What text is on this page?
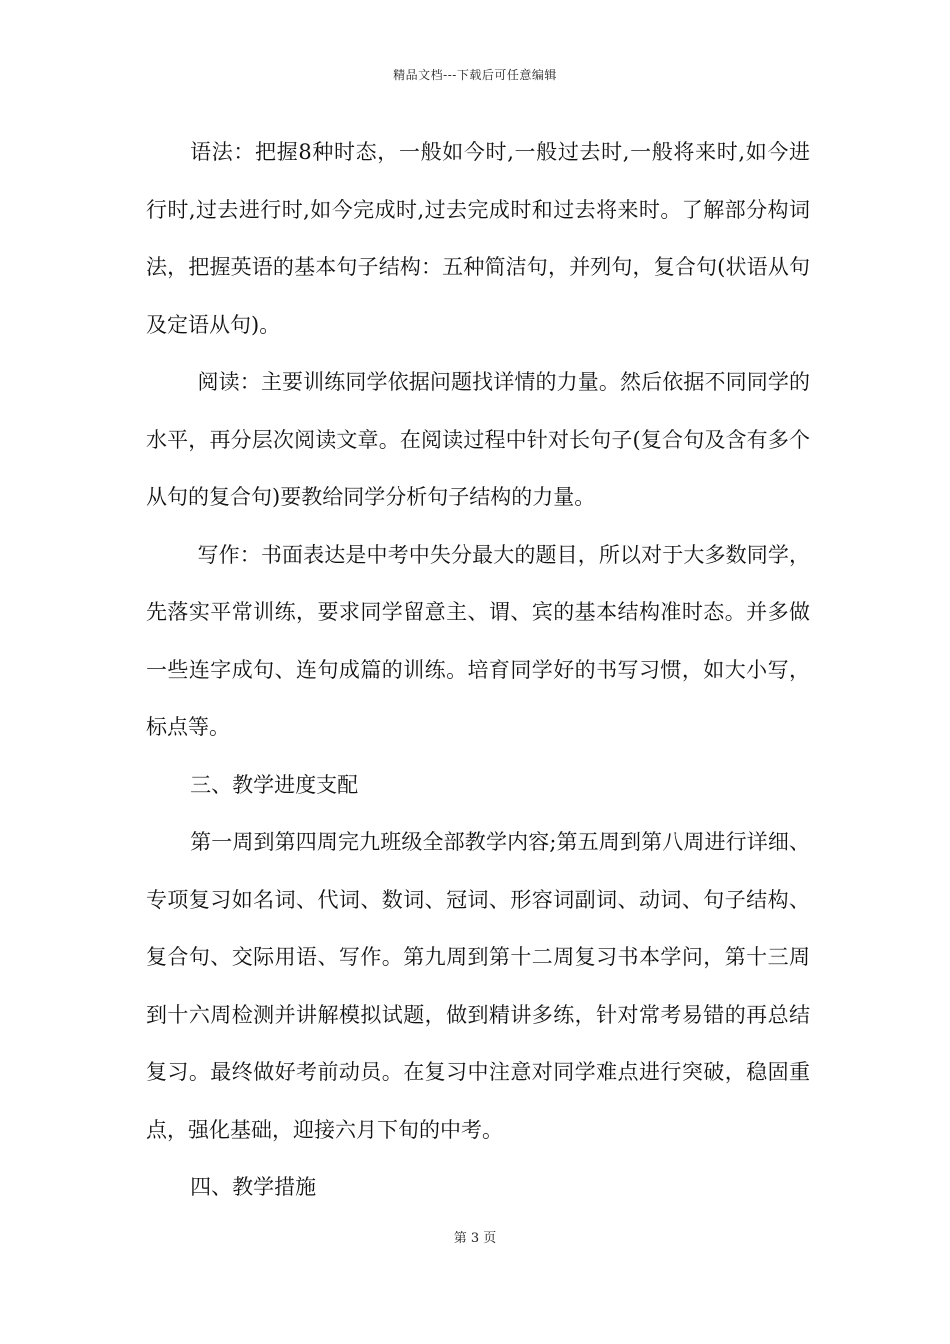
精品文档---下载后可任意编辑

语法：把握8种时态，一般如今时,一般过去时,一般将来时,如今进行时,过去进行时,如今完成时,过去完成时和过去将来时。了解部分构词法，把握英语的基本句子结构：五种简洁句，并列句，复合句(状语从句及定语从句)。

阅读：主要训练同学依据问题找详情的力量。然后依据不同同学的水平，再分层次阅读文章。在阅读过程中针对长句子(复合句及含有多个从句的复合句)要教给同学分析句子结构的力量。

写作：书面表达是中考中失分最大的题目，所以对于大多数同学，先落实平常训练，要求同学留意主、谓、宾的基本结构准时态。并多做一些连字成句、连句成篇的训练。培育同学好的书写习惯，如大小写，标点等。

三、教学进度支配

第一周到第四周完九班级全部教学内容;第五周到第八周进行详细、专项复习如名词、代词、数词、冠词、形容词副词、动词、句子结构、复合句、交际用语、写作。第九周到第十二周复习书本学问，第十三周到十六周检测并讲解模拟试题，做到精讲多练，针对常考易错的再总结复习。最终做好考前动员。在复习中注意对同学难点进行突破，稳固重点，强化基础，迎接六月下旬的中考。

四、教学措施

第 3 页
